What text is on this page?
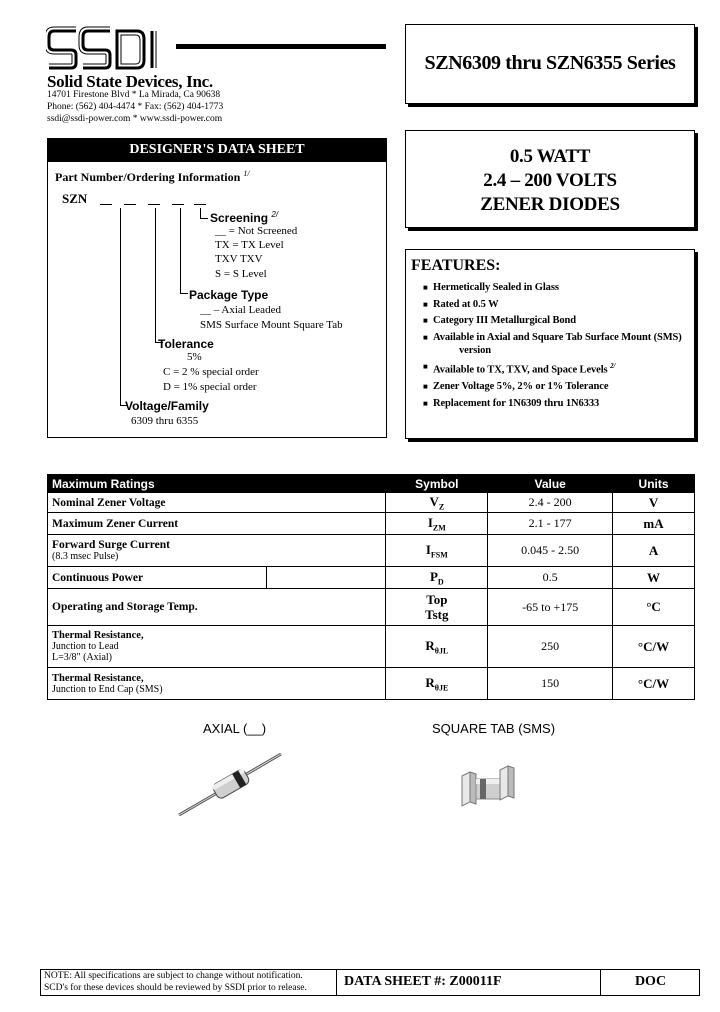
Solid State Devices, Inc.
14701 Firestone Blvd * La Mirada, Ca 90638
Phone: (562) 404-4474 * Fax: (562) 404-1773
ssdi@ssdi-power.com * www.ssdi-power.com
SZN6309 thru SZN6355 Series
0.5 WATT
2.4 – 200 VOLTS
ZENER DIODES
FEATURES:
■ Hermetically Sealed in Glass
■ Rated at 0.5 W
■ Category III Metallurgical Bond
■ Available in Axial and Square Tab Surface Mount (SMS)
version
■ Available to TX, TXV, and Space Levels $^{2/}$
■ Zener Voltage 5%, 2% or 1% Tolerance
■ Replacement for 1N6309 thru 1N6333
DESIGNER'S DATA SHEET
Part Number/Ordering Information $^{1/}$
SZN
Screening $^{2/}$
__ = Not Screened
TX = TX Level
TXV TXV
S = S Level
Package Type
__ – Axial Leaded
SMS Surface Mount Square Tab
Tolerance
5%
C = 2 % special order
D = 1% special order
Voltage/Family
6309 thru 6355
Maximum Ratings	Symbol	Value	Units
Nominal Zener Voltage	$V_Z$	2.4 - 200	V
Maximum Zener Current	$I_{ZM}$	2.1 - 177	mA

Forward Surge Current
(8.3 msec Pulse)	$I_{FSM}$	0.045 - 2.50	A
Continuous Power	$P_D$	0.5	W
Operating and Storage Temp.	Top
Tstg	-65 to +175	°C

Thermal Resistance,
Junction to Lead
L=3/8" (Axial)	$R_{\theta JL}$	250	°C/W

Thermal Resistance,
Junction to End Cap (SMS)	$R_{\theta JE}$	150	°C/W
AXIAL (__)	SQUARE TAB (SMS)
NOTE: All specifications are subject to change without notification.
SCD's for these devices should be reviewed by SSDI prior to release.	DATA SHEET #: Z00011F	DOC
